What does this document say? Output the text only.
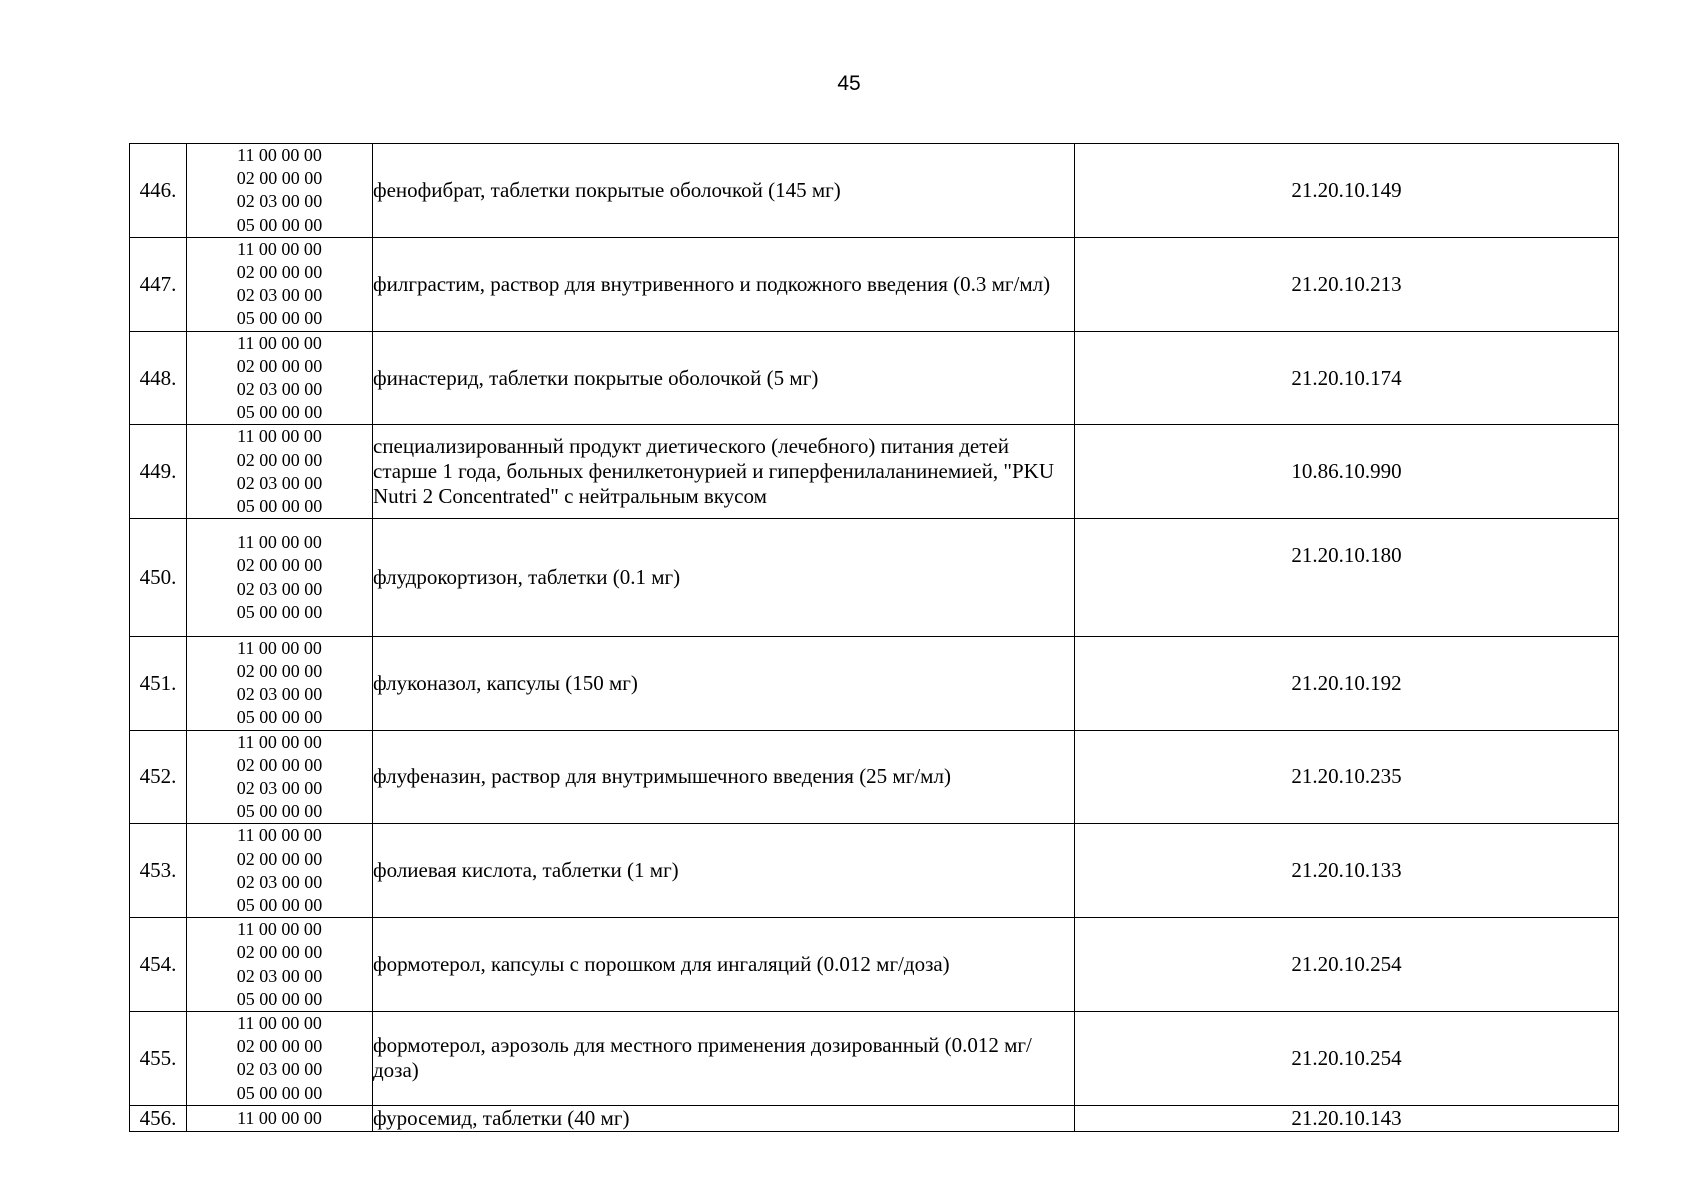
45
446.	11 00 00 00
02 00 00 00
02 03 00 00
05 00 00 00	фенофибрат, таблетки покрытые оболочкой (145 мг)	21.20.10.149
447.	11 00 00 00
02 00 00 00
02 03 00 00
05 00 00 00	филграстим, раствор для внутривенного и подкожного введения (0.3 мг/мл)	21.20.10.213
448.	11 00 00 00
02 00 00 00
02 03 00 00
05 00 00 00	финастерид, таблетки покрытые оболочкой (5 мг)	21.20.10.174
449.	11 00 00 00
02 00 00 00
02 03 00 00
05 00 00 00	специализированный продукт диетического (лечебного) питания детей старше 1 года, больных фенилкетонурией и гиперфенилаланинемией, "PKU Nutri 2 Concentrated" с нейтральным вкусом	10.86.10.990
450.	11 00 00 00
02 00 00 00
02 03 00 00
05 00 00 00	флудрокортизон, таблетки (0.1 мг)	21.20.10.180
451.	11 00 00 00
02 00 00 00
02 03 00 00
05 00 00 00	флуконазол, капсулы (150 мг)	21.20.10.192
452.	11 00 00 00
02 00 00 00
02 03 00 00
05 00 00 00	флуфеназин, раствор для внутримышечного введения (25 мг/мл)	21.20.10.235
453.	11 00 00 00
02 00 00 00
02 03 00 00
05 00 00 00	фолиевая кислота, таблетки (1 мг)	21.20.10.133
454.	11 00 00 00
02 00 00 00
02 03 00 00
05 00 00 00	формотерол, капсулы с порошком для ингаляций (0.012 мг/доза)	21.20.10.254
455.	11 00 00 00
02 00 00 00
02 03 00 00
05 00 00 00	формотерол, аэрозоль для местного применения дозированный (0.012 мг/доза)	21.20.10.254
456.	11 00 00 00	фуросемид, таблетки (40 мг)	21.20.10.143
